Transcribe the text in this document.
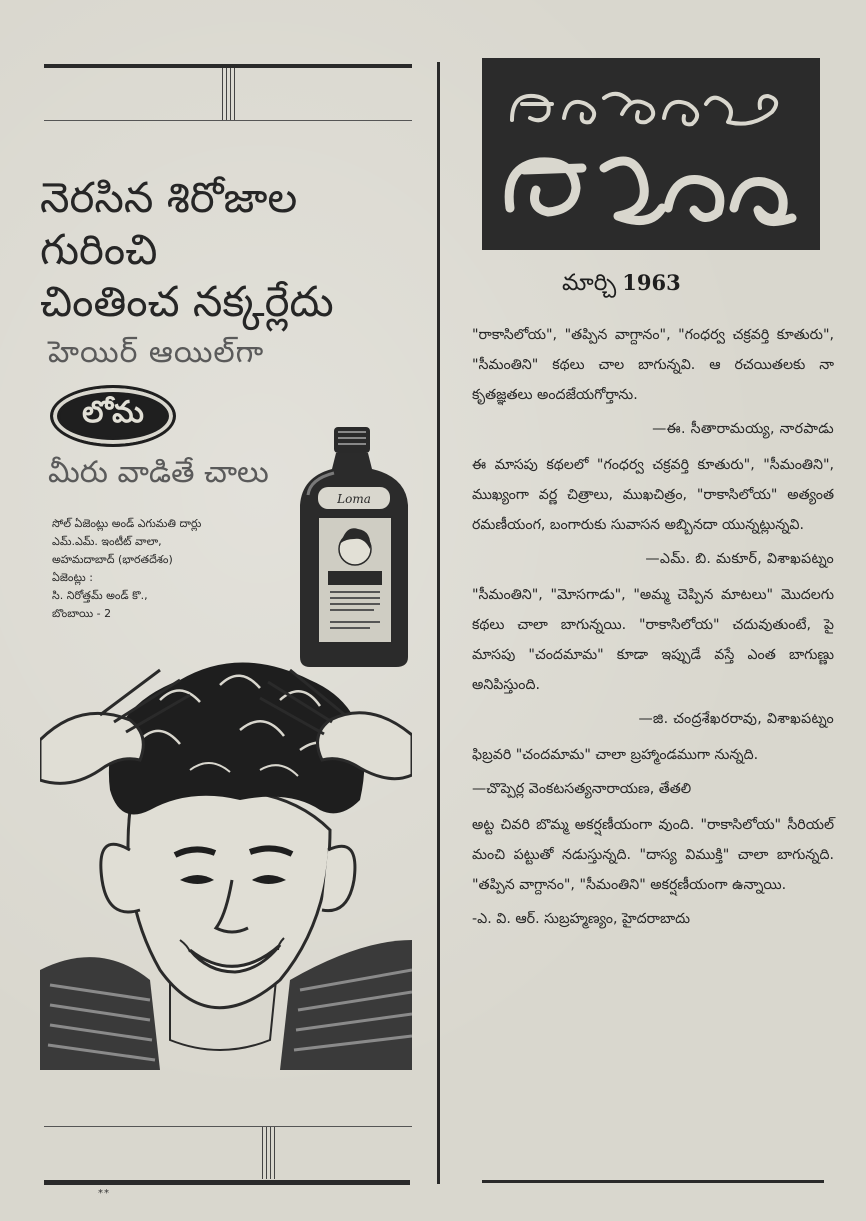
నెరసిన శిరోజాల
గురించి
చింతించ నక్కర్లేదు
హెయిర్ ఆయిల్‌గా
లోమ
మీరు వాడితే చాలు
సోల్ ఏజెంట్లు అండ్ ఎగుమతి దార్లు
ఎమ్.ఎమ్. ఇంటీట్ వాలా,
అహమదాబాద్ (భారతదేశం)
ఏజెంట్లు :
సి. నిరోత్తమ్ అండ్ కొ.,
బొంబాయి - 2
Loma
**
మార్చి 1963

"రాకాసిలోయ", "తప్పిన వాగ్దానం", "గంధర్వ చక్రవర్తి కూతురు", "సీమంతిని" కథలు చాల బాగున్నవి. ఆ రచయితలకు నా కృతజ్ఞతలు అందజేయగోర్తాను.

—ఈ. సీతారామయ్య, నారపాడు

ఈ మాసపు కథలలో "గంధర్వ చక్రవర్తి కూతురు", "సీమంతిని", ముఖ్యంగా వర్ణ చిత్రాలు, ముఖచిత్రం, "రాకాసిలోయ" అత్యంత రమణీయంగ, బంగారుకు సువాసన అబ్బినదా యున్నట్లున్నవి.

—ఎమ్. బి. మకూర్, విశాఖపట్నం

"సీమంతిని", "మోసగాడు", "అమ్మ చెప్పిన మాటలు" మొదలగు కథలు చాలా బాగున్నయి. "రాకాసిలోయ" చదువుతుంటే, పై మాసపు "చందమామ" కూడా ఇప్పుడే వస్తే ఎంత బాగుణ్ణు అనిపిస్తుంది.

—జి. చంద్రశేఖరరావు, విశాఖపట్నం

ఫిబ్రవరి "చందమామ" చాలా బ్రహ్మాండముగా నున్నది.

—చొప్పెర్ల వెంకటసత్యనారాయణ, తేతలి

అట్ట చివరి బొమ్మ అకర్షణీయంగా వుంది. "రాకాసిలోయ" సీరియల్ మంచి పట్టుతో నడుస్తున్నది. "దాస్య విముక్తి" చాలా బాగున్నది. "తప్పిన వాగ్దానం", "సీమంతిని" అకర్షణీయంగా ఉన్నాయి.

-ఎ. వి. ఆర్. సుబ్రహ్మణ్యం, హైదరాబాదు
